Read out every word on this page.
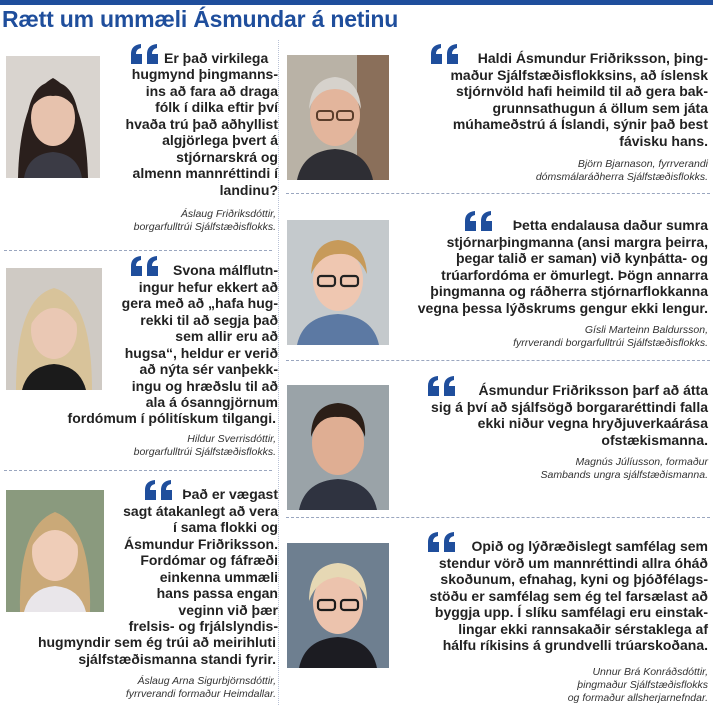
Rætt um ummæli Ásmundar á netinu
Er það virkilega
hugmynd þingmanns-
ins að fara að draga
fólk í dilka eftir því
hvaða trú það aðhyllist
algjörlega þvert á
stjórnarskrá og
almenn mannréttindi í
landinu?
Áslaug Friðriksdóttir,
borgarfulltrúi Sjálfstæðisflokks.
Svona málflutn-
ingur hefur ekkert að
gera með að „hafa hug-
rekki til að segja það
sem allir eru að
hugsa“, heldur er verið
að nýta sér vanþekk-
ingu og hræðslu til að
ala á ósanngjörnum
fordómum í pólitískum tilgangi.
Hildur Sverrisdóttir,
borgarfulltrúi Sjálfstæðisflokks.
Það er vægast
sagt átakanlegt að vera
í sama flokki og
Ásmundur Friðriksson.
Fordómar og fáfræði
einkenna ummæli
hans passa engan
veginn við þær
frelsis- og frjálslyndis-
hugmyndir sem ég trúi að meirihluti
sjálfstæðismanna standi fyrir.
Áslaug Arna Sigurbjörnsdóttir,
fyrrverandi formaður Heimdallar.
Haldi Ásmundur Friðriksson, þing-
maður Sjálfstæðisflokksins, að íslensk
stjórnvöld hafi heimild til að gera bak-
grunnsathugun á öllum sem játa
múhameðstrú á Íslandi, sýnir það best
fávisku hans.
Björn Bjarnason, fyrrverandi
dómsmálaráðherra Sjálfstæðisflokks.
Þetta endalausa daður sumra
stjórnarþingmanna (ansi margra þeirra,
þegar talið er saman) við kynþátta- og
trúarfordóma er ömurlegt. Þögn annarra
þingmanna og ráðherra stjórnarflokkanna
vegna þessa lýðskrums gengur ekki lengur.
Gísli Marteinn Baldursson,
fyrrverandi borgarfulltrúi Sjálfstæðisflokks.
Ásmundur Friðriksson þarf að átta
sig á því að sjálfsögð borgararéttindi falla
ekki niður vegna hryðjuverkaárása
ofstækismanna.
Magnús Júlíusson, formaður
Sambands ungra sjálfstæðismanna.
Opið og lýðræðislegt samfélag sem
stendur vörð um mannréttindi allra óháð
skoðunum, efnahag, kyni og þjóðfélags-
stöðu er samfélag sem ég tel farsælast að
byggja upp. Í slíku samfélagi eru einstak-
lingar ekki rannsakaðir sérstaklega af
hálfu ríkisins á grundvelli trúarskoðana.
Unnur Brá Konráðsdóttir,
þingmaður Sjálfstæðisflokks
og formaður allsherjarnefndar.
